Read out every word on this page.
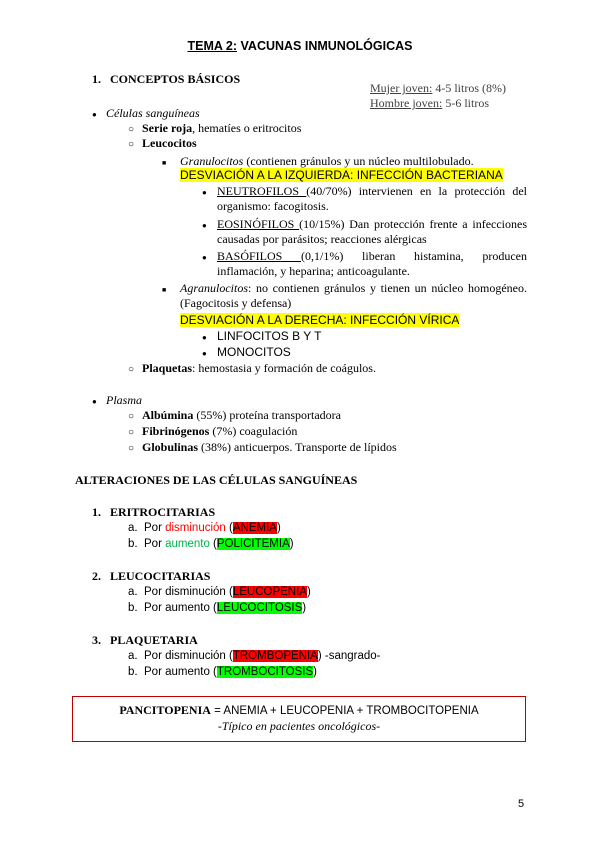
TEMA 2: VACUNAS INMUNOLÓGICAS
1. CONCEPTOS BÁSICOS
Mujer joven: 4-5 litros (8%)
Hombre joven: 5-6 litros
● Células sanguíneas
○ Serie roja, hematíes o eritrocitos
○ Leucocitos
■ Granulocitos (contienen gránulos y un núcleo multilobulado.
DESVIACIÓN A LA IZQUIERDA: INFECCIÓN BACTERIANA
● NEUTROFILOS (40/70%) intervienen en la protección del organismo: facogitosis.
● EOSINÓFILOS (10/15%) Dan protección frente a infecciones causadas por parásitos; reacciones alérgicas
● BASÓFILOS (0,1/1%) liberan histamina, producen inflamación, y heparina; anticoagulante.
■ Agranulocitos: no contienen gránulos y tienen un núcleo homogéneo. (Fagocitosis y defensa)
DESVIACIÓN A LA DERECHA: INFECCIÓN VÍRICA
● LINFOCITOS B Y T
● MONOCITOS
○ Plaquetas: hemostasia y formación de coágulos.
● Plasma
○ Albúmina (55%) proteína transportadora
○ Fibrinógenos (7%) coagulación
○ Globulinas (38%) anticuerpos. Transporte de lípidos
ALTERACIONES DE LAS CÉLULAS SANGUÍNEAS
1. ERITROCITARIAS
a. Por disminución (ANEMIA)
b. Por aumento (POLICITEMIA)
2. LEUCOCITARIAS
a. Por disminución (LEUCOPENIA)
b. Por aumento (LEUCOCITOSIS)
3. PLAQUETARIA
a. Por disminución (TROMBOPENIA) -sangrado-
b. Por aumento (TROMBOCITOSIS)
PANCITOPENIA = ANEMIA + LEUCOPENIA + TROMBOCITOPENIA
-Típico en pacientes oncológicos-
5
